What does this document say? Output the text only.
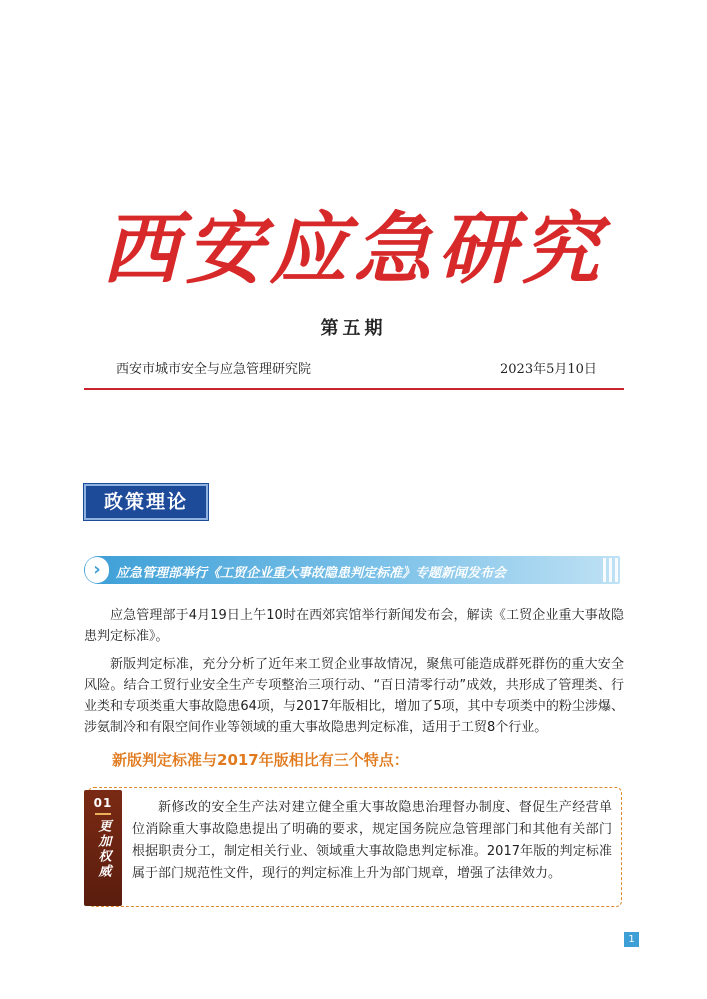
西安应急研究
第五期
西安市城市安全与应急管理研究院	2023年5月10日
政策理论
›	应急管理部举行《工贸企业重大事故隐患判定标准》专题新闻发布会

应急管理部于4月19日上午10时在西郊宾馆举行新闻发布会，解读《工贸企业重大事故隐患判定标准》。

新版判定标准，充分分析了近年来工贸企业事故情况，聚焦可能造成群死群伤的重大安全风险。结合工贸行业安全生产专项整治三项行动、“百日清零行动”成效，共形成了管理类、行业类和专项类重大事故隐患64项，与2017年版相比，增加了5项，其中专项类中的粉尘涉爆、涉氨制冷和有限空间作业等领域的重大事故隐患判定标准，适用于工贸8个行业。

新版判定标准与2017年版相比有三个特点：
01
更加权威

新修改的安全生产法对建立健全重大事故隐患治理督办制度、督促生产经营单位消除重大事故隐患提出了明确的要求，规定国务院应急管理部门和其他有关部门根据职责分工，制定相关行业、领域重大事故隐患判定标准。2017年版的判定标准属于部门规范性文件，现行的判定标准上升为部门规章，增强了法律效力。

1
